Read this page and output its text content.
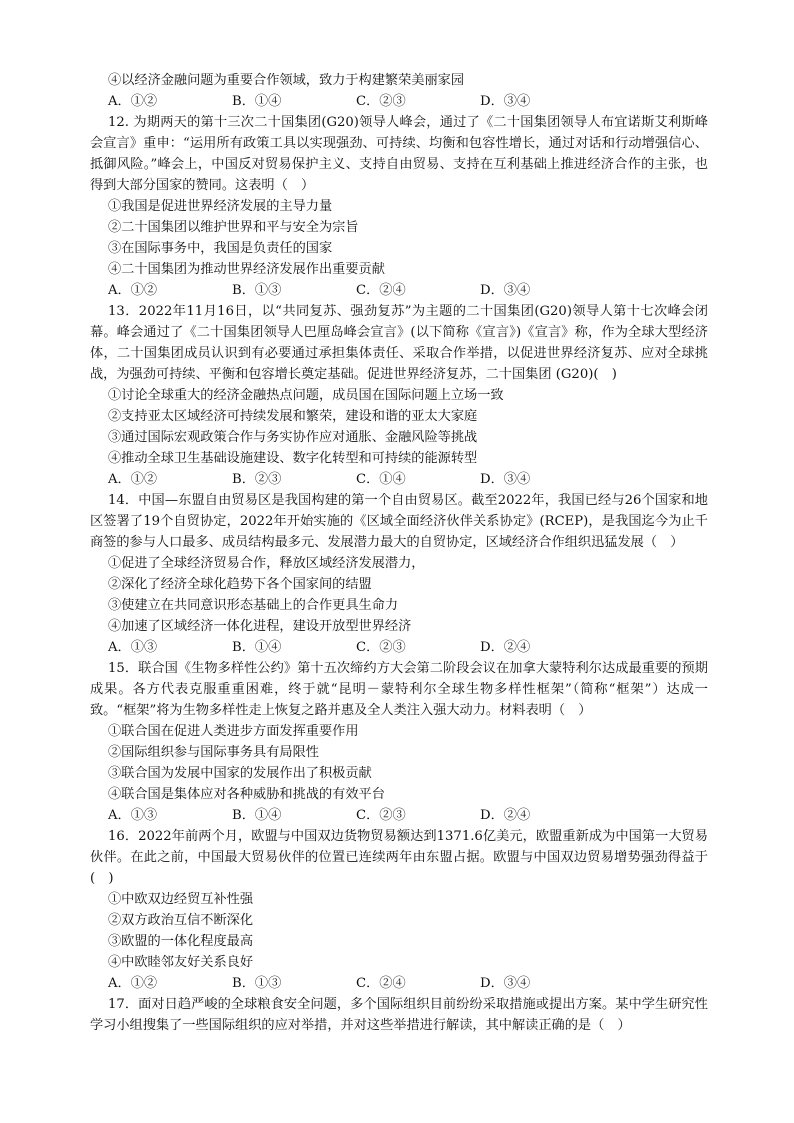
④以经济金融问题为重要合作领域，致力于构建繁荣美丽家园
A．①②	B．①④	C．②③	D．③④

12. 为期两天的第十三次二十国集团(G20)领导人峰会，通过了《二十国集团领导人布宜诺斯艾利斯峰会宣言》重申：“运用所有政策工具以实现强劲、可持续、均衡和包容性增长，通过对话和行动增强信心、抵御风险。”峰会上，中国反对贸易保护主义、支持自由贸易、支持在互利基础上推进经济合作的主张，也得到大部分国家的赞同。这表明（　）

①我国是促进世界经济发展的主导力量
②二十国集团以维护世界和平与安全为宗旨
③在国际事务中，我国是负责任的国家
④二十国集团为推动世界经济发展作出重要贡献
A．①②	B．①③	C．②④	D．③④

13．2022年11月16日，以“共同复苏、强劲复苏”为主题的二十国集团(G20)领导人第十七次峰会闭幕。峰会通过了《二十国集团领导人巴厘岛峰会宣言》(以下简称《宣言》)《宣言》称，作为全球大型经济体，二十国集团成员认识到有必要通过承担集体责任、采取合作举措，以促进世界经济复苏、应对全球挑战，为强劲可持续、平衡和包容增长奠定基础。促进世界经济复苏，二十国集团 (G20)(　)

①讨论全球重大的经济金融热点问题，成员国在国际问题上立场一致
②支持亚太区域经济可持续发展和繁荣，建设和谐的亚太大家庭
③通过国际宏观政策合作与务实协作应对通胀、金融风险等挑战
④推动全球卫生基础设施建设、数字化转型和可持续的能源转型
A．①②	B．②③	C．①④	D．③④

14．中国—东盟自由贸易区是我国构建的第一个自由贸易区。截至2022年，我国已经与26个国家和地区签署了19个自贸协定，2022年开始实施的《区域全面经济伙伴关系协定》(RCEP)，是我国迄今为止千商签的参与人口最多、成员结构最多元、发展潜力最大的自贸协定，区域经济合作组织迅猛发展（　）

①促进了全球经济贸易合作，释放区域经济发展潜力，
②深化了经济全球化趋势下各个国家间的结盟
③使建立在共同意识形态基础上的合作更具生命力
④加速了区域经济一体化进程，建设开放型世界经济
A．①③	B．①④	C．②③	D．②④

15．联合国《生物多样性公约》第十五次缔约方大会第二阶段会议在加拿大蒙特利尔达成最重要的预期成果。各方代表克服重重困难，终于就“昆明－蒙特利尔全球生物多样性框架”（简称“框架”）达成一致。“框架”将为生物多样性走上恢复之路并惠及全人类注入强大动力。材料表明（　）

①联合国在促进人类进步方面发挥重要作用
②国际组织参与国际事务具有局限性
③联合国为发展中国家的发展作出了积极贡献
④联合国是集体应对各种威胁和挑战的有效平台
A．①③	B．①④	C．②③	D．②④

16．2022年前两个月，欧盟与中国双边货物贸易额达到1371.6亿美元，欧盟重新成为中国第一大贸易伙伴。在此之前，中国最大贸易伙伴的位置已连续两年由东盟占据。欧盟与中国双边贸易增势强劲得益于(　)

①中欧双边经贸互补性强
②双方政治互信不断深化
③欧盟的一体化程度最高
④中欧睦邻友好关系良好
A．①②	B．①③	C．②④	D．③④

17．面对日趋严峻的全球粮食安全问题，多个国际组织目前纷纷采取措施或提出方案。某中学生研究性学习小组搜集了一些国际组织的应对举措，并对这些举措进行解读，其中解读正确的是（　）
